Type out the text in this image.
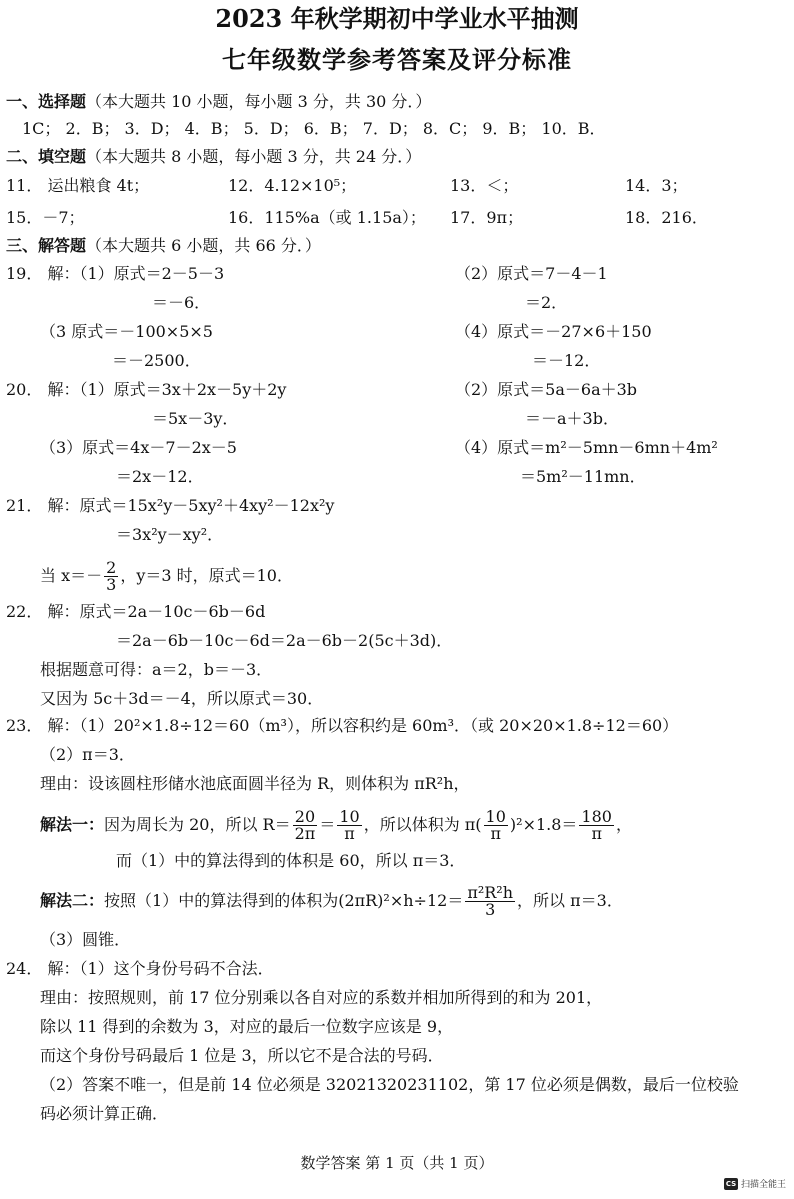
2023 年秋学期初中学业水平抽测
七年级数学参考答案及评分标准
一、选择题（本大题共 10 小题，每小题 3 分，共 30 分．）
1C； 2．B； 3．D； 4．B； 5．D； 6．B； 7．D； 8．C； 9．B； 10．B．
二、填空题（本大题共 8 小题，每小题 3 分，共 24 分．）
11． 运出粮食 4t；	12．4.12×10⁵；	13．＜；	14．3；
15．－7；	16．115%a（或 1.15a）； 17．9π；	18．216．
三、解答题（本大题共 6 小题，共 66 分．）
19． 解：（1）原式＝2－5－3
＝－6．
（2）原式＝7－4－1
＝2．
（3 原式＝－100×5×5
＝－2500．
（4）原式＝－27×6＋150
＝－12．
20． 解：（1）原式＝3x＋2x－5y＋2y
＝5x－3y．
（2）原式＝5a－6a＋3b
＝－a＋3b．
（3）原式＝4x－7－2x－5
＝2x－12．
（4）原式＝m²－5mn－6mn＋4m²
＝5m²－11mn．
21． 解：原式＝15x²y－5xy²＋4xy²－12x²y
＝3x²y－xy²．
当 $x=- \frac{2}{3}$ ，y＝3 时，原式＝10．
22． 解：原式＝2a－10c－6b－6d
＝2a－6b－10c－6d＝2a－6b－2(5c＋3d)．
根据题意可得：a＝2，b＝－3．
又因为 5c＋3d＝－4，所以原式＝30．
23． 解：（1）20²×1.8÷12＝60（m³），所以容积约是 60m³．（或 20×20×1.8÷12＝60）
（2）π＝3．
理由：设该圆柱形储水池底面圆半径为 R，则体积为 πR²h，
解法一：因为周长为 20，所以 $R= \frac{20}{2\pi} = \frac{10}{\pi}$ ，所以体积为 $\pi( \frac{10}{\pi} )^2\times 1.8= \frac{180}{\pi}$ ，
而（1）中的算法得到的体积是 60，所以 π＝3．
解法二：按照（1）中的算法得到的体积为$(2\pi R)^2\times h\div 12= \frac{\text{π²R²h}}{3}$ ，所以 π＝3．
（3）圆锥．
24． 解：（1）这个身份号码不合法．
理由：按照规则，前 17 位分别乘以各自对应的系数并相加所得到的和为 201，
除以 11 得到的余数为 3，对应的最后一位数字应该是 9，
而这个身份号码最后 1 位是 3，所以它不是合法的号码．
（2）答案不唯一，但是前 14 位必须是 32021320231102，第 17 位必须是偶数，最后一位校验
码必须计算正确．
数学答案 第 1 页（共 1 页）
CS 扫描全能王
